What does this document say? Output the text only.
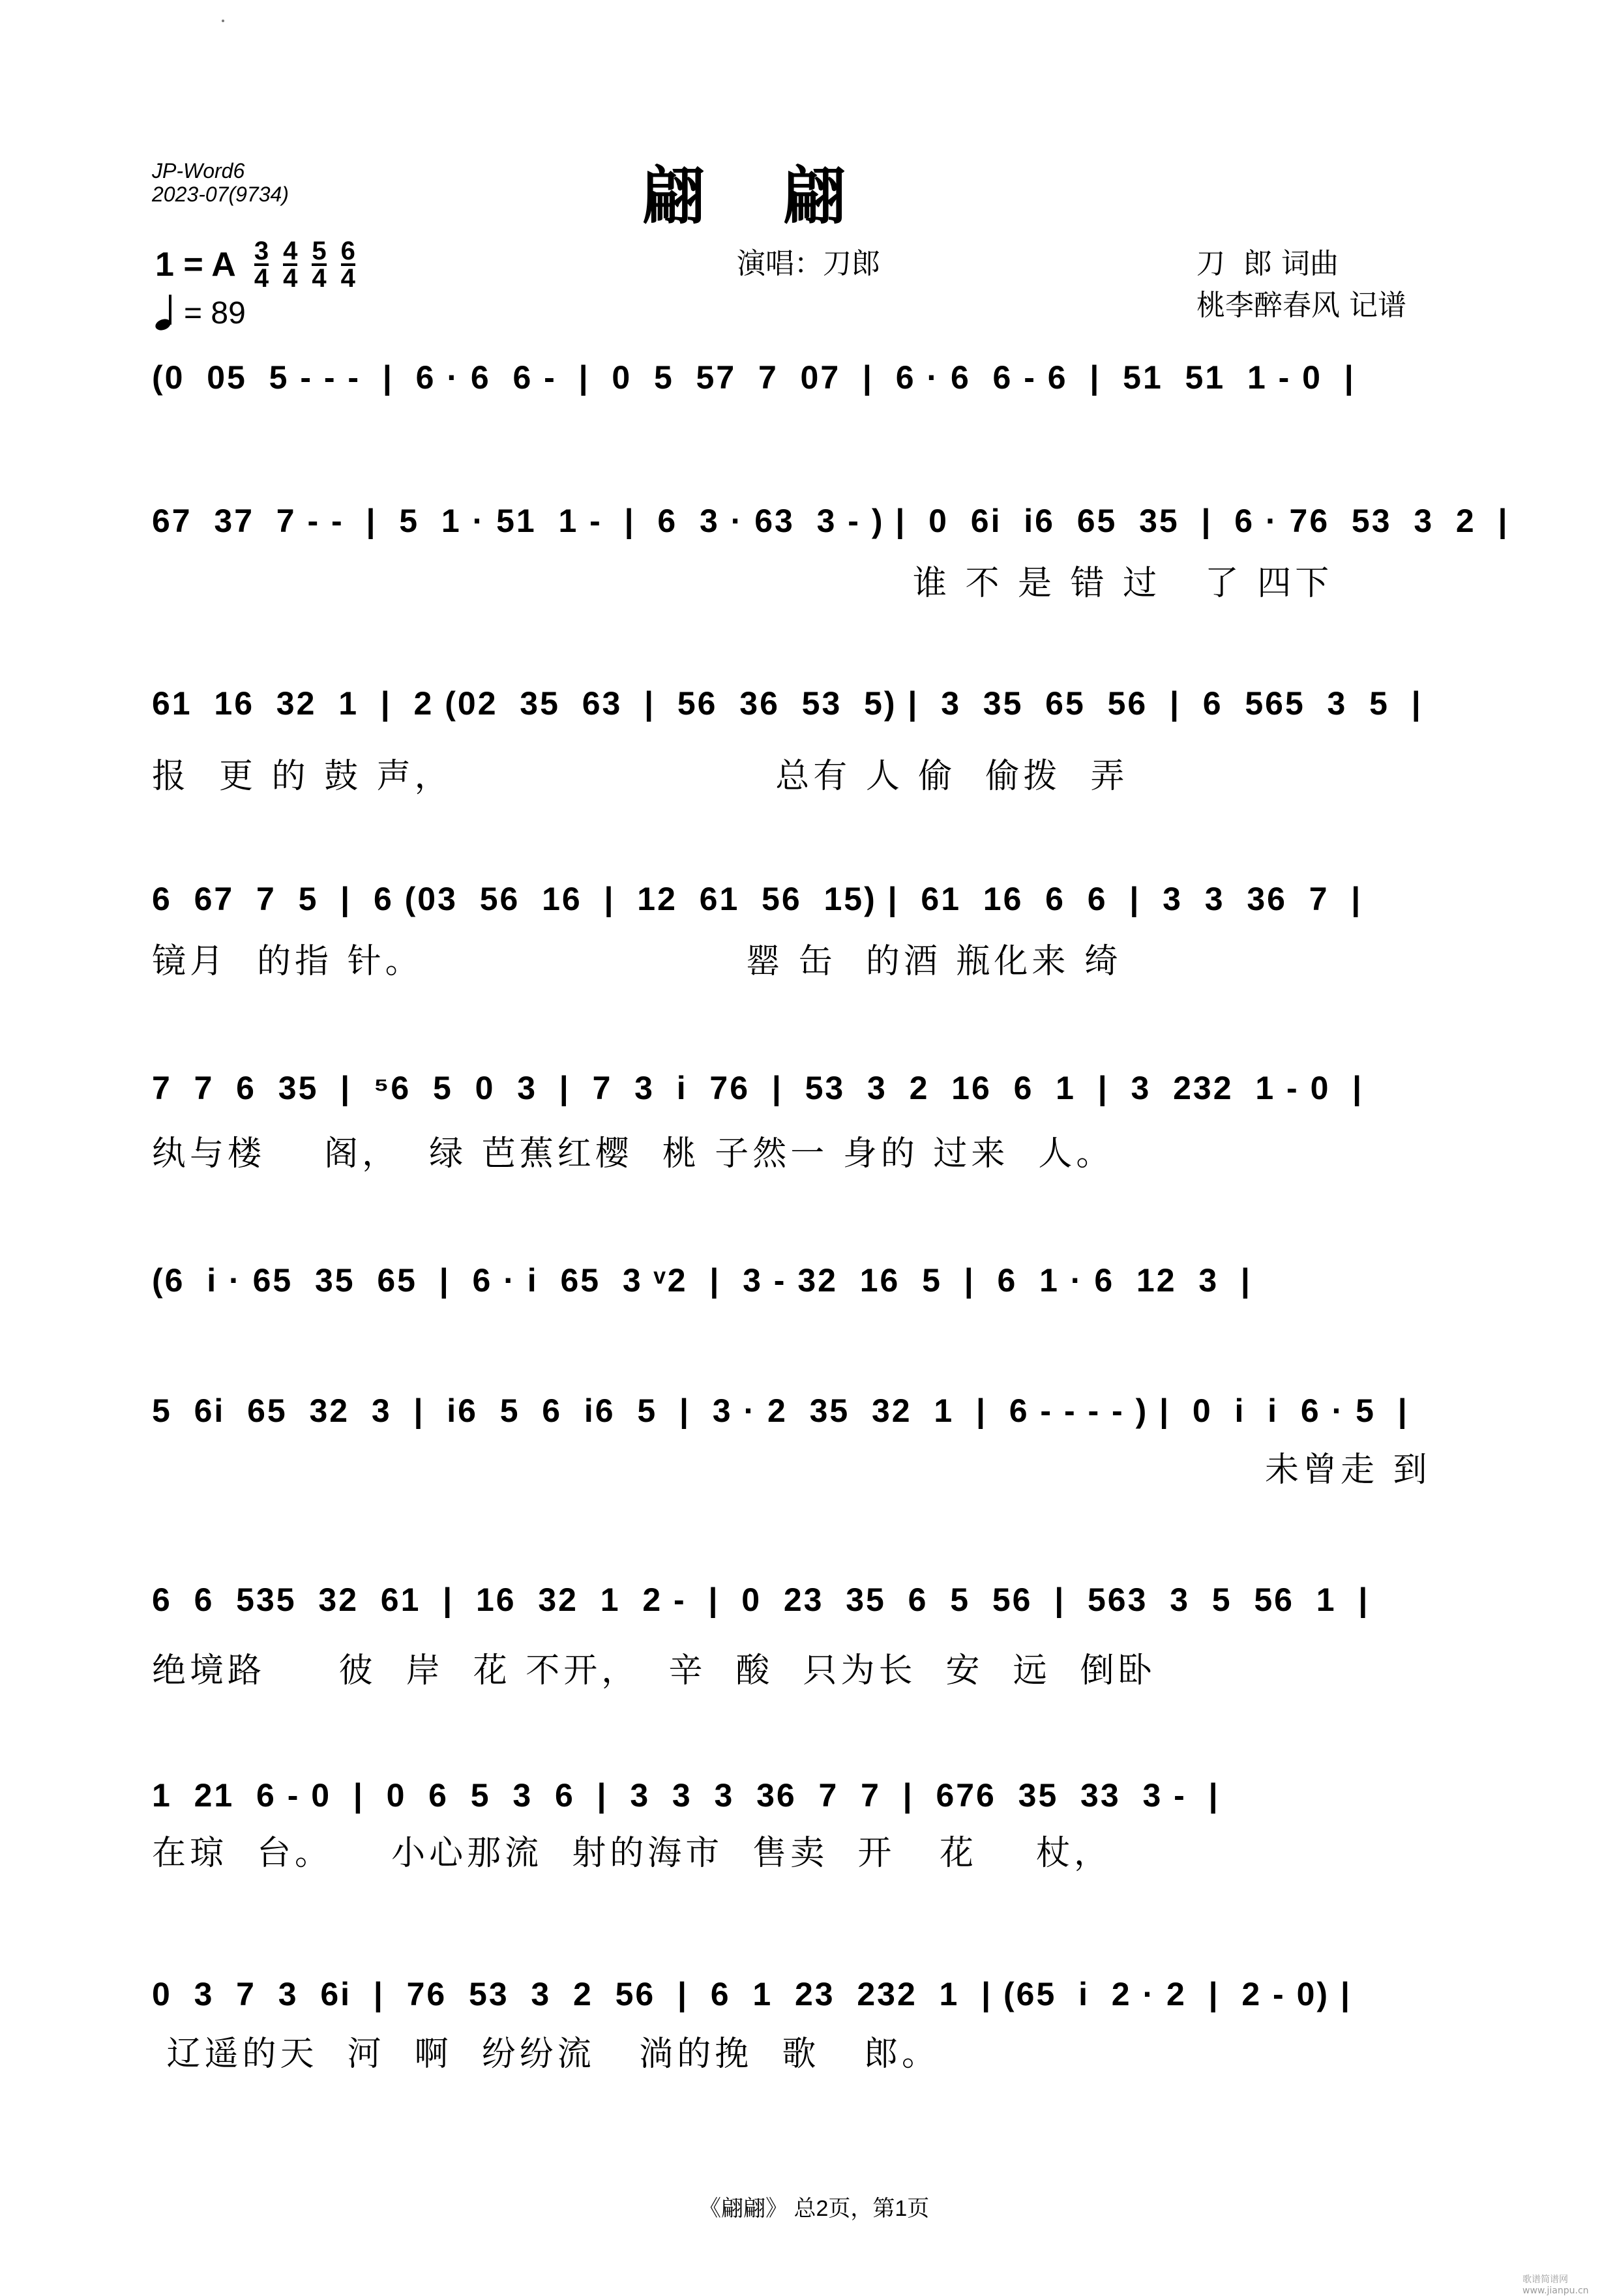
JP-Word6
2023-07(9734)	翩翩
演唱：刀郎	刀  郎 词曲
桃李醉春风 记谱
1 = A $\frac{3}{4} \frac{4}{4} \frac{5}{4} \frac{6}{4}$
= 89
(0  05  5 - - -  |  6 · 6  6 -  |  0  5  57  7  07  |  6 · 6  6 - 6  |  51  51  1 - 0  |
67  37  7 - -  |  5  1 · 51  1 -  |  6  3 · 63  3 - ) |  0  6i  i6  65  35  |  6 · 76  53  3  2  |
谁 不 是 错 过   了 四下
61  16  32  1  |  2 (02  35  63  |  56  36  53  5) |  3  35  65  56  |  6  565  3  5  |
报  更 的 鼓 声，                      总有 人 偷  偷拨  弄
6  67  7  5  |  6 (03  56  16  |  12  61  56  15) |  61  16  6  6  |  3  3  36  7  |
镜月  的指 针。                      罂 缶  的酒 瓶化来 绮
7  7  6  35  |  ⁵6  5  0  3  |  7  3  i  76  |  53  3  2  16  6  1  |  3  232  1 - 0  |
纨与楼    阁，  绿 芭蕉红樱  桃 子然一 身的 过来  人。
(6  i · 65  35  65  |  6 · i  65  3 ᵛ2  |  3 - 32  16  5  |  6  1 · 6  12  3  |
5  6i  65  32  3  |  i6  5  6  i6  5  |  3 · 2  35  32  1  |  6 - - - - ) |  0  i  i  6 · 5  |
未曾走 到
6  6  535  32  61  |  16  32  1  2 -  |  0  23  35  6  5  56  |  563  3  5  56  1  |
绝境路     彼  岸  花 不开，  辛  酸  只为长  安  远  倒卧
1  21  6 - 0  |  0  6  5  3  6  |  3  3  3  36  7  7  |  676  35  33  3 -  |
在琼  台。    小心那流  射的海市  售卖  开   花    杖，
0  3  7  3  6i  |  76  53  3  2  56  |  6  1  23  232  1  | (65  i  2 · 2  |  2 - 0) |
辽遥的天  河  啊  纷纷流   淌的挽  歌   郎。
《翩翩》 总2页，第1页
歌谱简谱网 www.jianpu.cn
